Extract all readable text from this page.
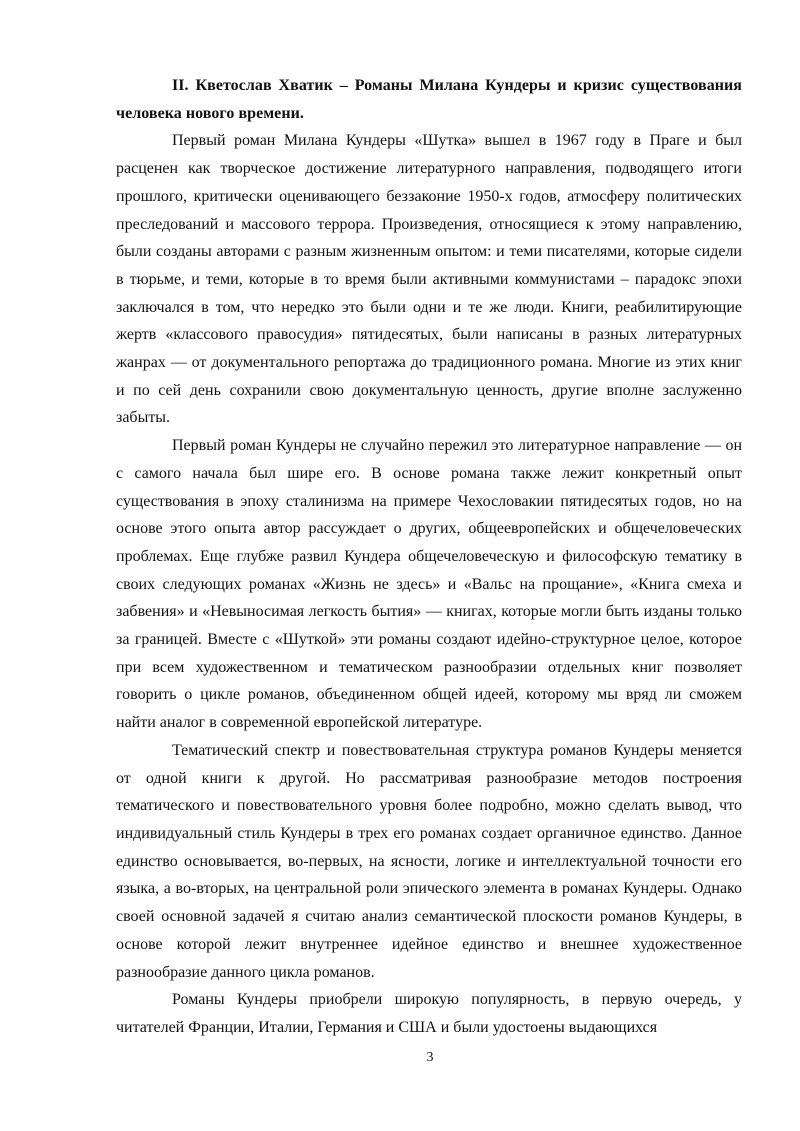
II. Кветослав Хватик – Романы Милана Кундеры и кризис существования человека нового времени.

Первый роман Милана Кундеры «Шутка» вышел в 1967 году в Праге и был расценен как творческое достижение литературного направления, подводящего итоги прошлого, критически оценивающего беззаконие 1950-х годов, атмосферу политических преследований и массового террора. Произведения, относящиеся к этому направлению, были созданы авторами с разным жизненным опытом: и теми писателями, которые сидели в тюрьме, и теми, которые в то время были активными коммунистами – парадокс эпохи заключался в том, что нередко это были одни и те же люди. Книги, реабилитирующие жертв «классового правосудия» пятидесятых, были написаны в разных литературных жанрах — от документального репортажа до традиционного романа. Многие из этих книг и по сей день сохранили свою документальную ценность, другие вполне заслуженно забыты.

Первый роман Кундеры не случайно пережил это литературное направление — он с самого начала был шире его. В основе романа также лежит конкретный опыт существования в эпоху сталинизма на примере Чехословакии пятидесятых годов, но на основе этого опыта автор рассуждает о других, общеевропейских и общечеловеческих проблемах. Еще глубже развил Кундера общечеловеческую и философскую тематику в своих следующих романах «Жизнь не здесь» и «Вальс на прощание», «Книга смеха и забвения» и «Невыносимая легкость бытия» — книгах, которые могли быть изданы только за границей. Вместе с «Шуткой» эти романы создают идейно-структурное целое, которое при всем художественном и тематическом разнообразии отдельных книг позволяет говорить о цикле романов, объединенном общей идеей, которому мы вряд ли сможем найти аналог в современной европейской литературе.

Тематический спектр и повествовательная структура романов Кундеры меняется от одной книги к другой. Но рассматривая разнообразие методов построения тематического и повествовательного уровня более подробно, можно сделать вывод, что индивидуальный стиль Кундеры в трех его романах создает органичное единство. Данное единство основывается, во-первых, на ясности, логике и интеллектуальной точности его языка, а во-вторых, на центральной роли эпического элемента в романах Кундеры. Однако своей основной задачей я считаю анализ семантической плоскости романов Кундеры, в основе которой лежит внутреннее идейное единство и внешнее художественное разнообразие данного цикла романов.

Романы Кундеры приобрели широкую популярность, в первую очередь, у читателей Франции, Италии, Германия и США и были удостоены выдающихся

3
